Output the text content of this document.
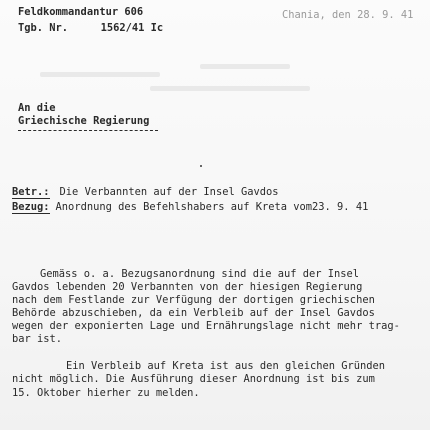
Feldkommandantur 606
Tgb. Nr.	1562/41 Ic
Chania, den 28. 9. 41
An die
Griechische Regierung
Betr.: Die Verbannten auf der Insel Gavdos
Bezug: Anordnung des Befehlshabers auf Kreta vom23. 9. 41
Gemäss o. a. Bezugsanordnung sind die auf der Insel
Gavdos lebenden 20 Verbannten von der hiesigen Regierung
nach dem Festlande zur Verfügung der dortigen griechischen
Behörde abzuschieben, da ein Verbleib auf der Insel Gavdos
wegen der exponierten Lage und Ernährungslage nicht mehr trag-
bar ist.
Ein Verbleib auf Kreta ist aus den gleichen Gründen
nicht möglich. Die Ausführung dieser Anordnung ist bis zum
15. Oktober hierher zu melden.
